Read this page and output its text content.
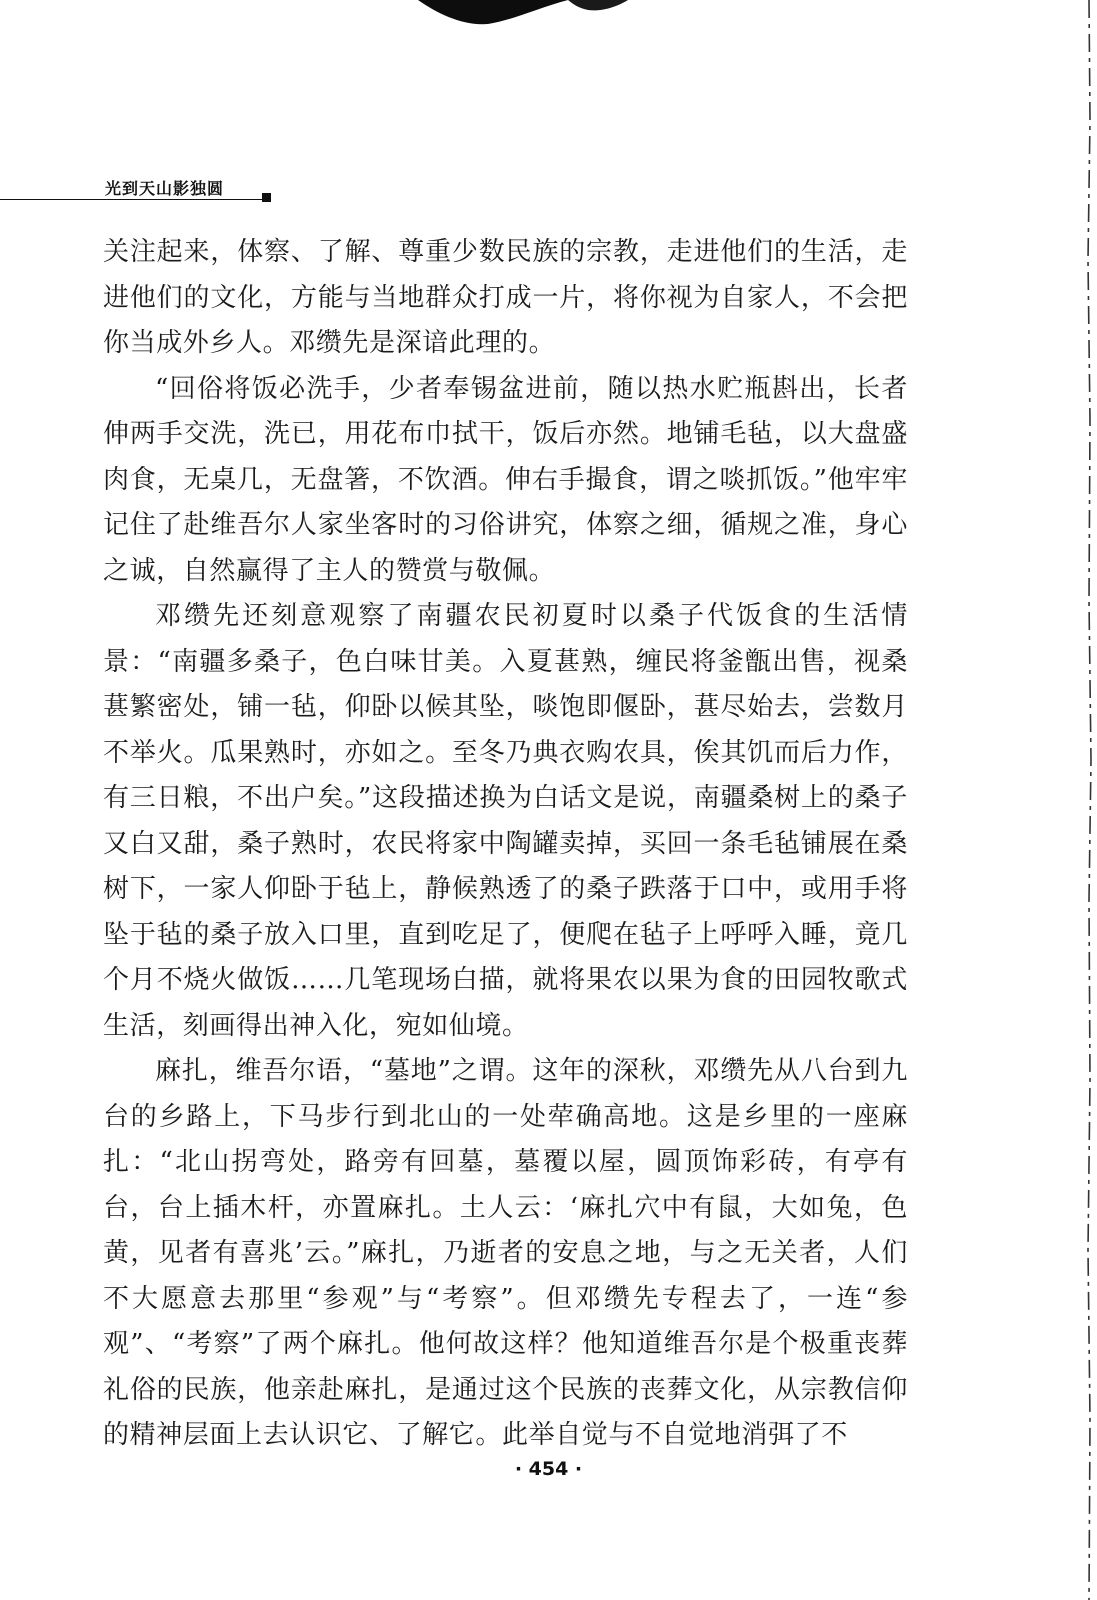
光到天山影独圆

关注起来，体察、了解、尊重少数民族的宗教，走进他们的生活，走进他们的文化，方能与当地群众打成一片，将你视为自家人，不会把你当成外乡人。邓缵先是深谙此理的。

“回俗将饭必洗手，少者奉锡盆进前，随以热水贮瓶斟出，长者伸两手交洗，洗已，用花布巾拭干，饭后亦然。地铺毛毡，以大盘盛肉食，无桌几，无盘箸，不饮酒。伸右手撮食，谓之啖抓饭。”他牢牢记住了赴维吾尔人家坐客时的习俗讲究，体察之细，循规之准，身心之诚，自然赢得了主人的赞赏与敬佩。

邓缵先还刻意观察了南疆农民初夏时以桑子代饭食的生活情景：“南疆多桑子，色白味甘美。入夏葚熟，缠民将釜甑出售，视桑葚繁密处，铺一毡，仰卧以候其坠，啖饱即偃卧，葚尽始去，尝数月不举火。瓜果熟时，亦如之。至冬乃典衣购农具，俟其饥而后力作，有三日粮，不出户矣。”这段描述换为白话文是说，南疆桑树上的桑子又白又甜，桑子熟时，农民将家中陶罐卖掉，买回一条毛毡铺展在桑树下，一家人仰卧于毡上，静候熟透了的桑子跌落于口中，或用手将坠于毡的桑子放入口里，直到吃足了，便爬在毡子上呼呼入睡，竟几个月不烧火做饭……几笔现场白描，就将果农以果为食的田园牧歌式生活，刻画得出神入化，宛如仙境。

麻扎，维吾尔语，“墓地”之谓。这年的深秋，邓缵先从八台到九台的乡路上，下马步行到北山的一处荦确高地。这是乡里的一座麻扎：“北山拐弯处，路旁有回墓，墓覆以屋，圆顶饰彩砖，有亭有台，台上插木杆，亦置麻扎。土人云：‘麻扎穴中有鼠，大如兔，色黄，见者有喜兆’云。”麻扎，乃逝者的安息之地，与之无关者，人们不大愿意去那里“参观”与“考察”。但邓缵先专程去了，一连“参观”、“考察”了两个麻扎。他何故这样？他知道维吾尔是个极重丧葬礼俗的民族，他亲赴麻扎，是通过这个民族的丧葬文化，从宗教信仰的精神层面上去认识它、了解它。此举自觉与不自觉地消弭了不

· 454 ·
